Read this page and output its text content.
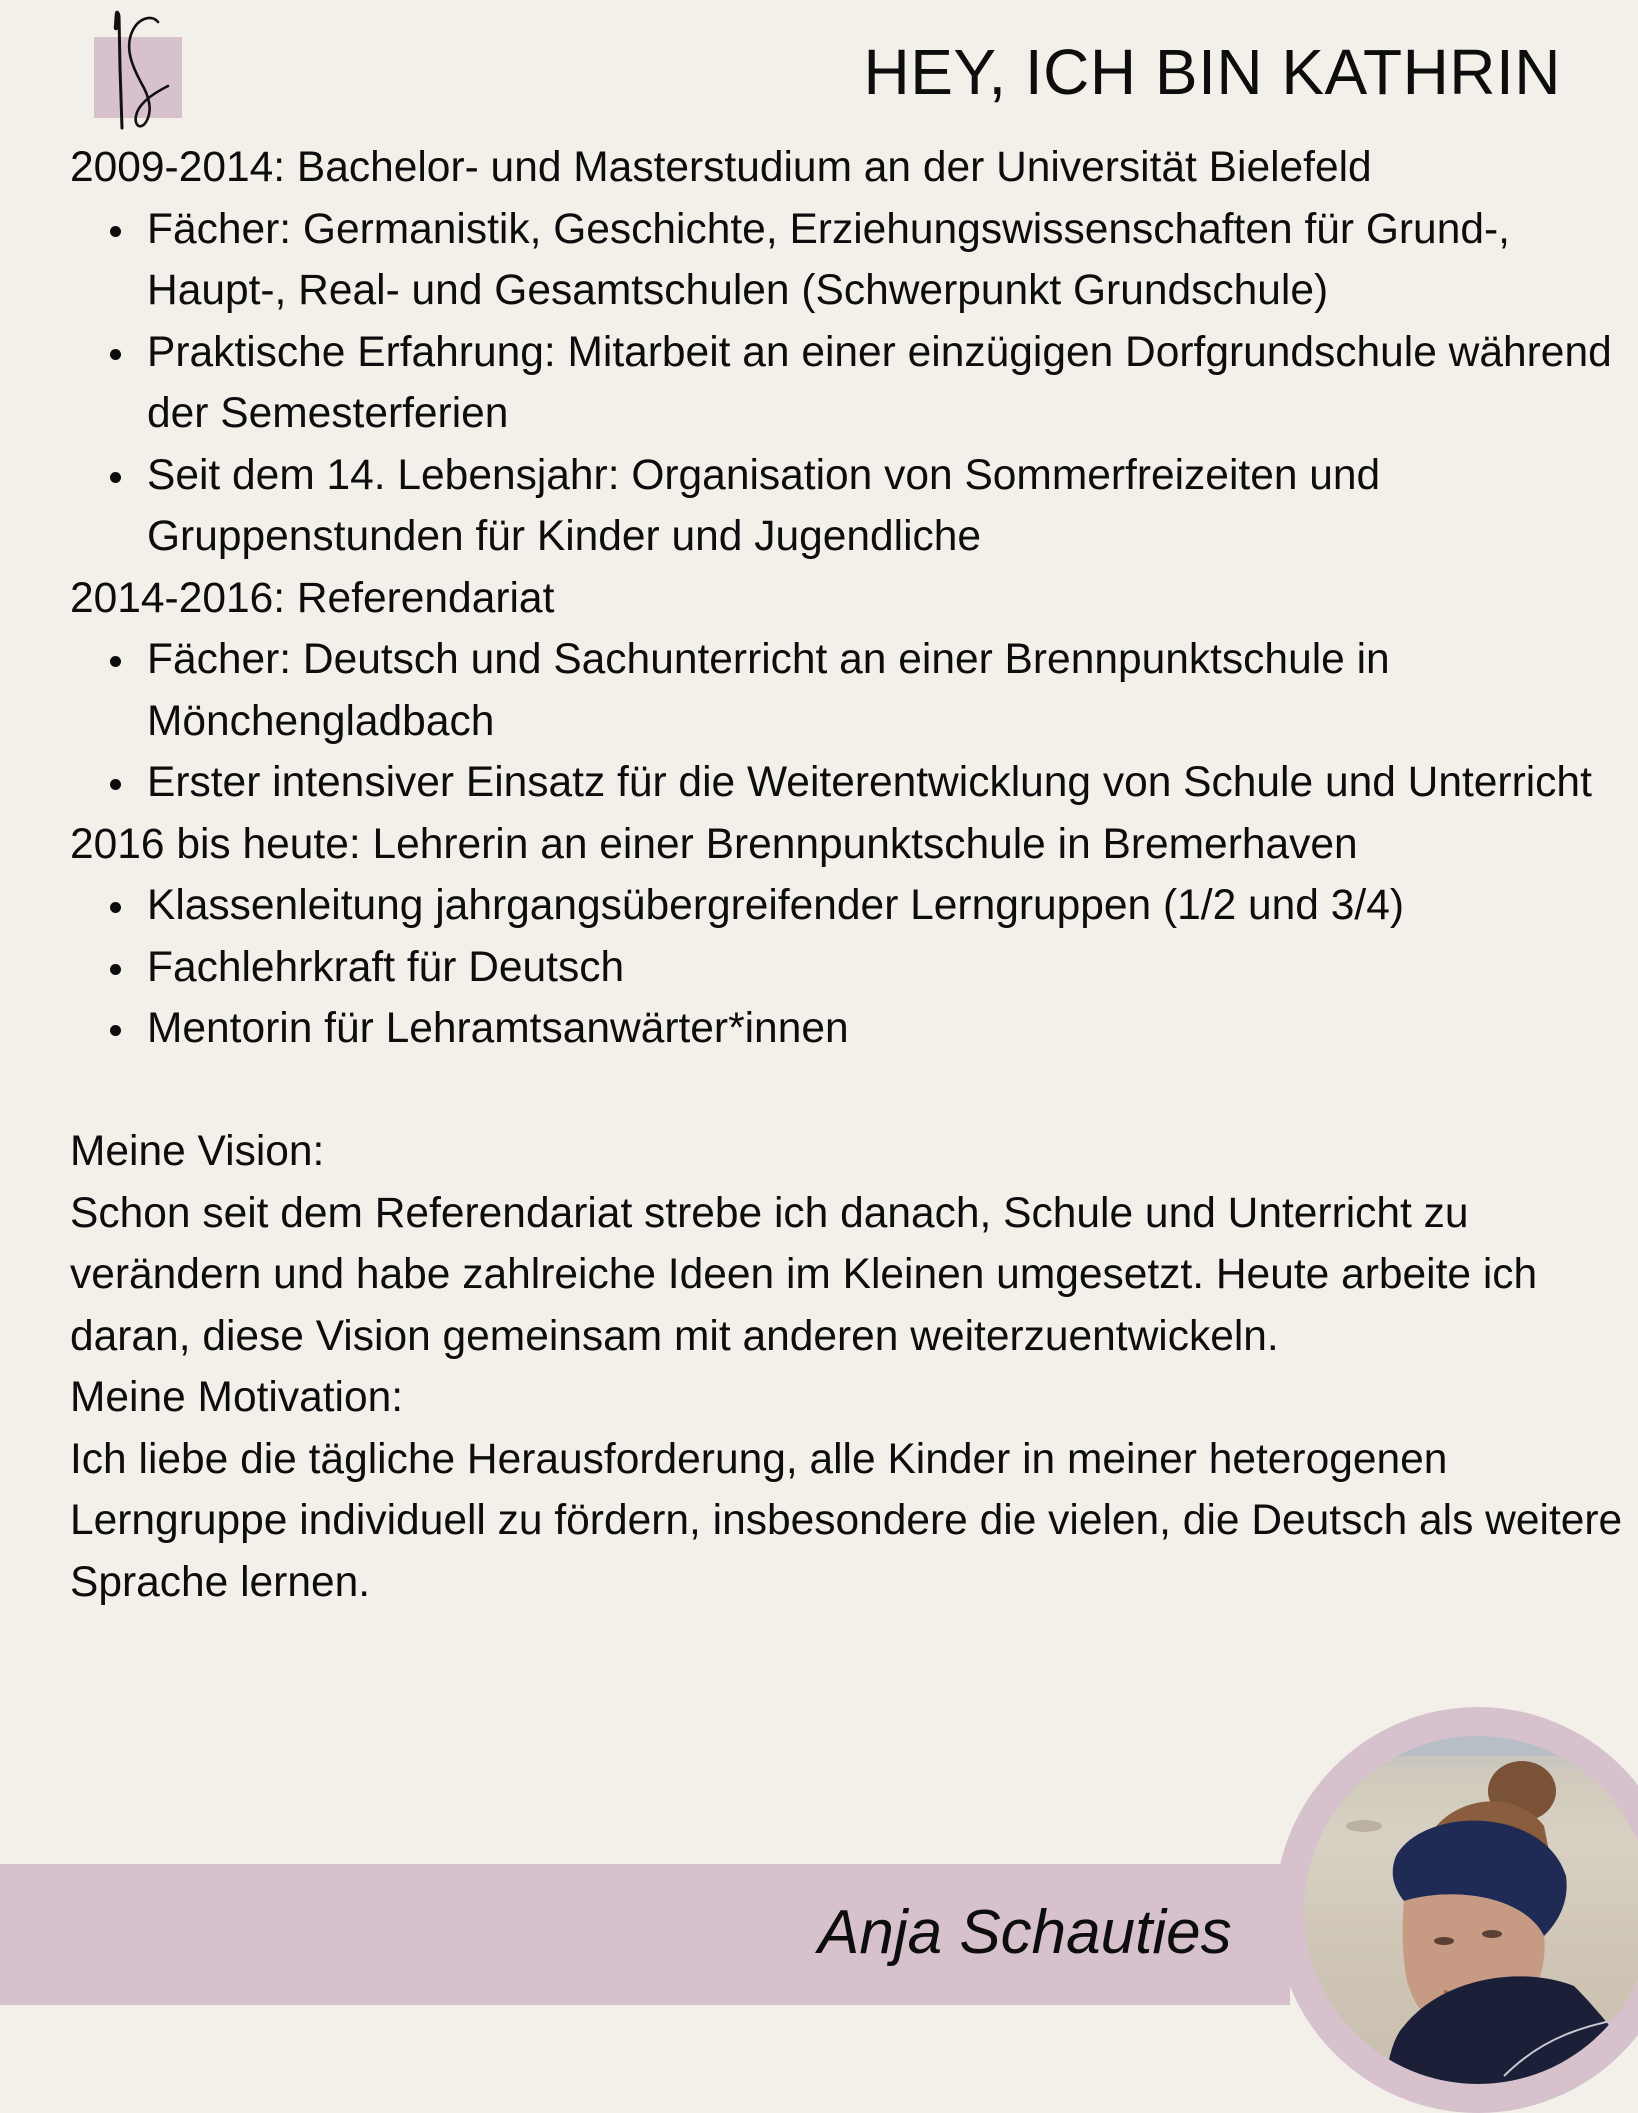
HEY, ICH BIN KATHRIN

2009-2014: Bachelor- und Masterstudium an der Universität Bielefeld

Fächer: Germanistik, Geschichte, Erziehungswissenschaften für Grund-, Haupt-, Real- und Gesamtschulen (Schwerpunkt Grundschule)
Praktische Erfahrung: Mitarbeit an einer einzügigen Dorfgrundschule während der Semesterferien
Seit dem 14. Lebensjahr: Organisation von Sommerfreizeiten und Gruppenstunden für Kinder und Jugendliche

2014-2016: Referendariat

Fächer: Deutsch und Sachunterricht an einer Brennpunktschule in Mönchengladbach
Erster intensiver Einsatz für die Weiterentwicklung von Schule und Unterricht

2016 bis heute: Lehrerin an einer Brennpunktschule in Bremerhaven

Klassenleitung jahrgangsübergreifender Lerngruppen (1/2 und 3/4)
Fachlehrkraft für Deutsch
Mentorin für Lehramtsanwärter*innen

Meine Vision:

Schon seit dem Referendariat strebe ich danach, Schule und Unterricht zu verändern und habe zahlreiche Ideen im Kleinen umgesetzt. Heute arbeite ich daran, diese Vision gemeinsam mit anderen weiterzuentwickeln.

Meine Motivation:

Ich liebe die tägliche Herausforderung, alle Kinder in meiner heterogenen Lerngruppe individuell zu fördern, insbesondere die vielen, die Deutsch als weitere Sprache lernen.

Anja Schauties
